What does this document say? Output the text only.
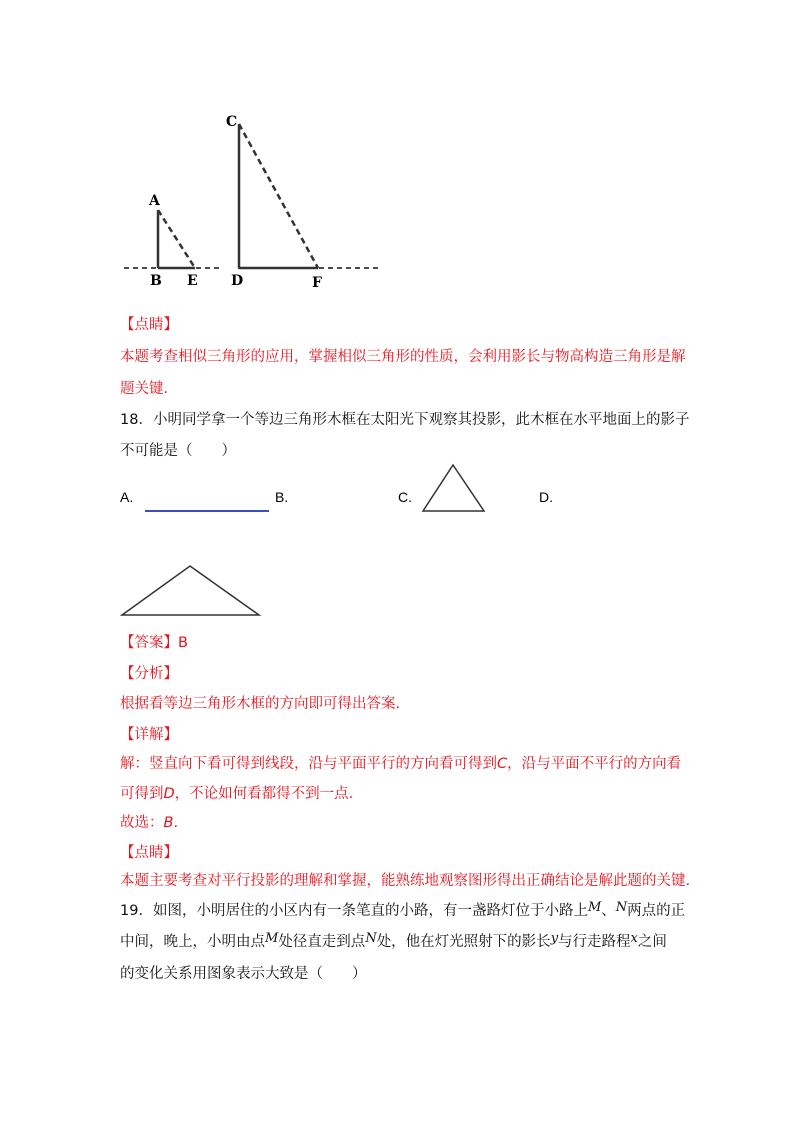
A
B E
C
D	F
【点睛】
本题考查相似三角形的应用，掌握相似三角形的性质，会利用影长与物高构造三角形是解
题关键.
18．小明同学拿一个等边三角形木框在太阳光下观察其投影，此木框在水平地面上的影子
不可能是（　　）
A.	B.	C.	D.
【答案】B
【分析】
根据看等边三角形木框的方向即可得出答案.
【详解】
解：竖直向下看可得到线段，沿与平面平行的方向看可得到C，沿与平面不平行的方向看
可得到D，不论如何看都得不到一点.
故选：B.
【点睛】
本题主要考查对平行投影的理解和掌握，能熟练地观察图形得出正确结论是解此题的关键.
19．如图，小明居住的小区内有一条笔直的小路，有一盏路灯位于小路上M、N两点的正
中间，晚上，小明由点M处径直走到点N处，他在灯光照射下的影长y与行走路程x之间
的变化关系用图象表示大致是（　　）
